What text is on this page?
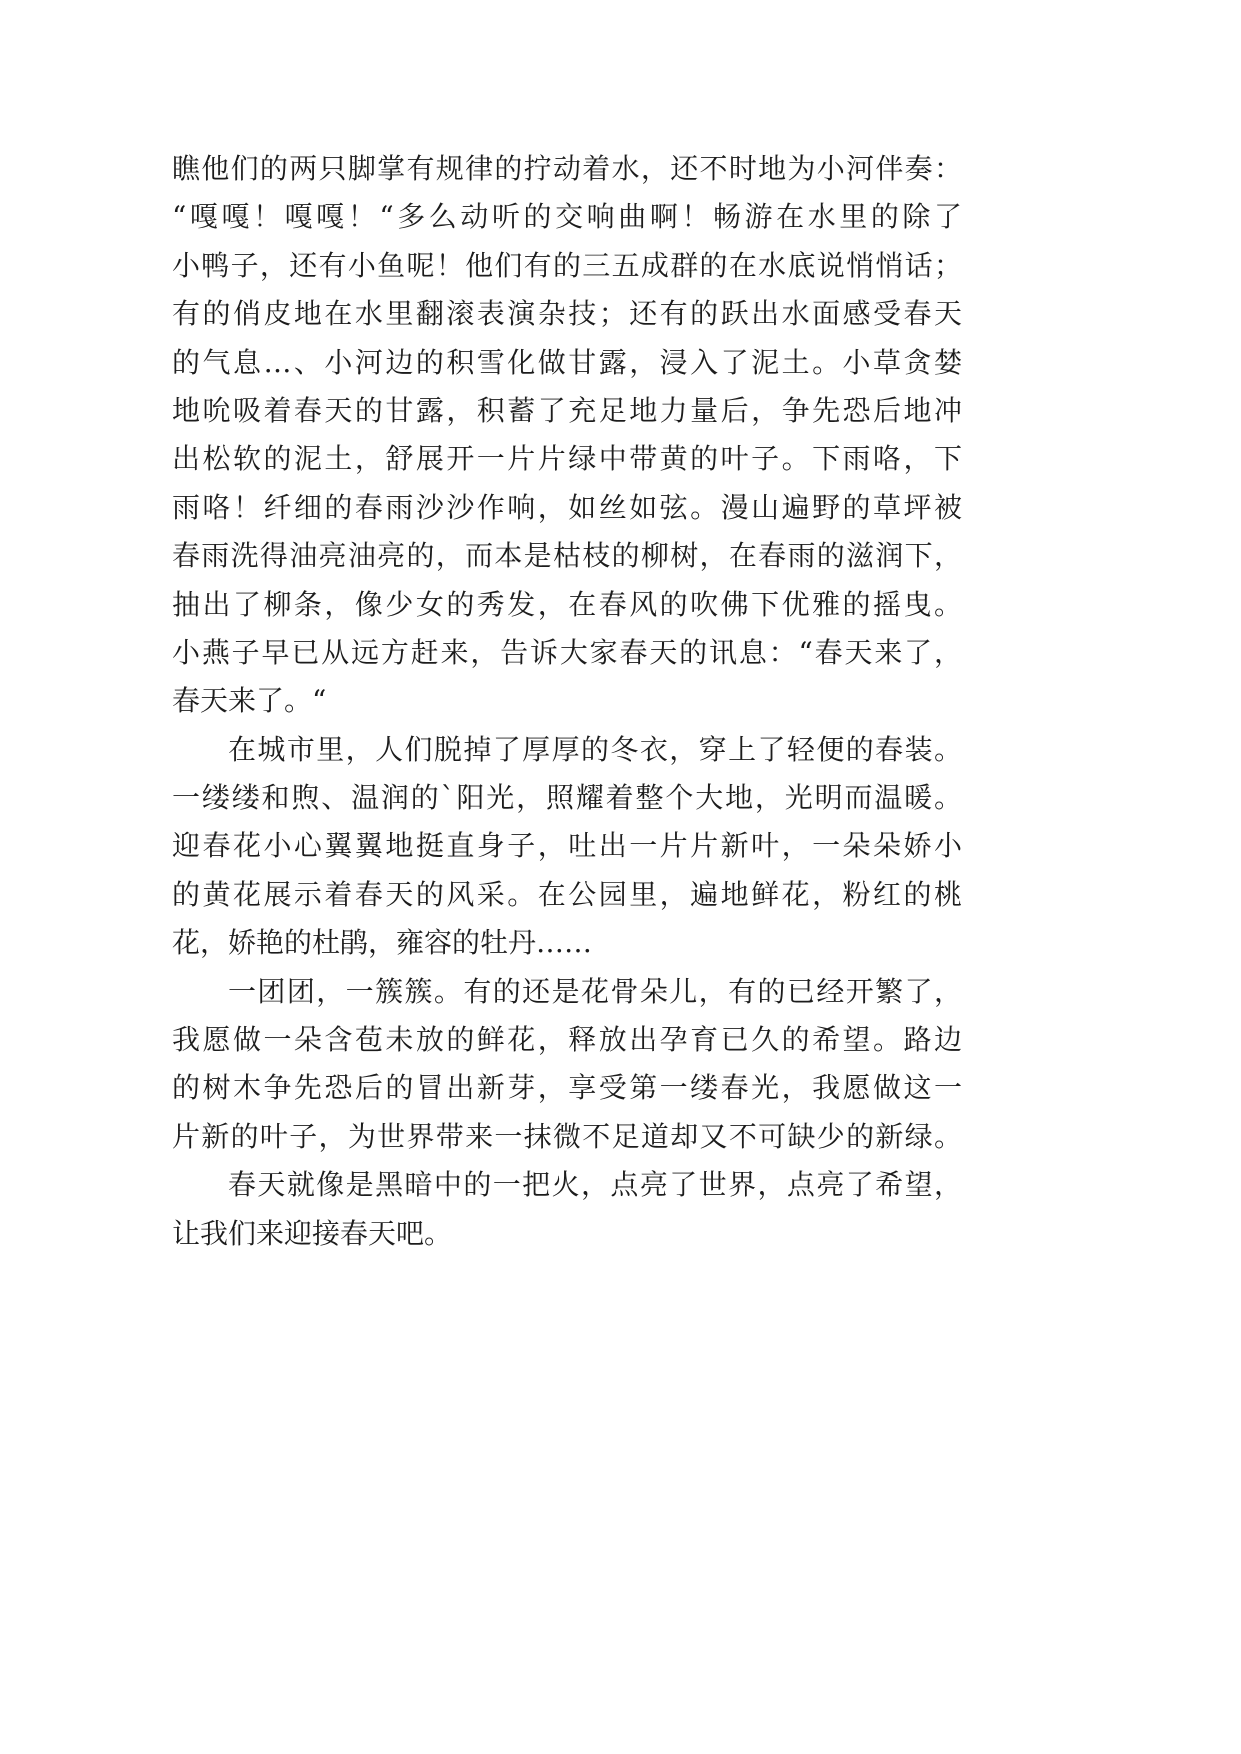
瞧他们的两只脚掌有规律的拧动着水，还不时地为小河伴奏：
“嘎嘎！嘎嘎！“多么动听的交响曲啊！畅游在水里的除了
小鸭子，还有小鱼呢！他们有的三五成群的在水底说悄悄话；
有的俏皮地在水里翻滚表演杂技；还有的跃出水面感受春天
的气息…、小河边的积雪化做甘露，浸入了泥土。小草贪婪
地吮吸着春天的甘露，积蓄了充足地力量后，争先恐后地冲
出松软的泥土，舒展开一片片绿中带黄的叶子。下雨咯，下
雨咯！纤细的春雨沙沙作响，如丝如弦。漫山遍野的草坪被
春雨洗得油亮油亮的，而本是枯枝的柳树，在春雨的滋润下，
抽出了柳条，像少女的秀发，在春风的吹佛下优雅的摇曳。
小燕子早已从远方赶来，告诉大家春天的讯息：“春天来了，
春天来了。“
在城市里，人们脱掉了厚厚的冬衣，穿上了轻便的春装。
一缕缕和煦、温润的`阳光，照耀着整个大地，光明而温暖。
迎春花小心翼翼地挺直身子，吐出一片片新叶，一朵朵娇小
的黄花展示着春天的风采。在公园里，遍地鲜花，粉红的桃
花，娇艳的杜鹃，雍容的牡丹……
一团团，一簇簇。有的还是花骨朵儿，有的已经开繁了，
我愿做一朵含苞未放的鲜花，释放出孕育已久的希望。路边
的树木争先恐后的冒出新芽，享受第一缕春光，我愿做这一
片新的叶子，为世界带来一抹微不足道却又不可缺少的新绿。
春天就像是黑暗中的一把火，点亮了世界，点亮了希望，
让我们来迎接春天吧。
